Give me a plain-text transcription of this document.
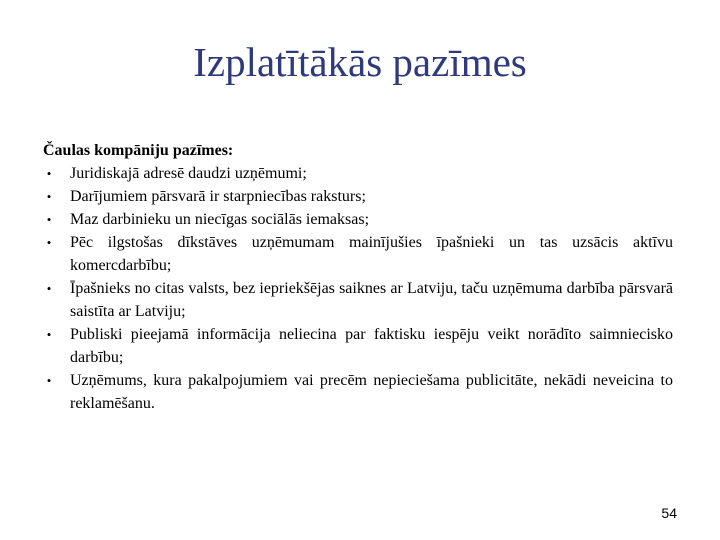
Izplatītākās pazīmes

Čaulas kompāniju pazīmes:

• Juridiskajā adresē daudzi uzņēmumi;
• Darījumiem pārsvarā ir starpniecības raksturs;
• Maz darbinieku un niecīgas sociālās iemaksas;
• Pēc ilgstošas dīkstāves uzņēmumam mainījušies īpašnieki un tas uzsācis aktīvu komercdarbību;
• Īpašnieks no citas valsts, bez iepriekšējas saiknes ar Latviju, taču uzņēmuma darbība pārsvarā saistīta ar Latviju;
• Publiski pieejamā informācija neliecina par faktisku iespēju veikt norādīto saimniecisko darbību;
• Uzņēmums, kura pakalpojumiem vai precēm nepieciešama publicitāte, nekādi neveicina to reklamēšanu.
54
